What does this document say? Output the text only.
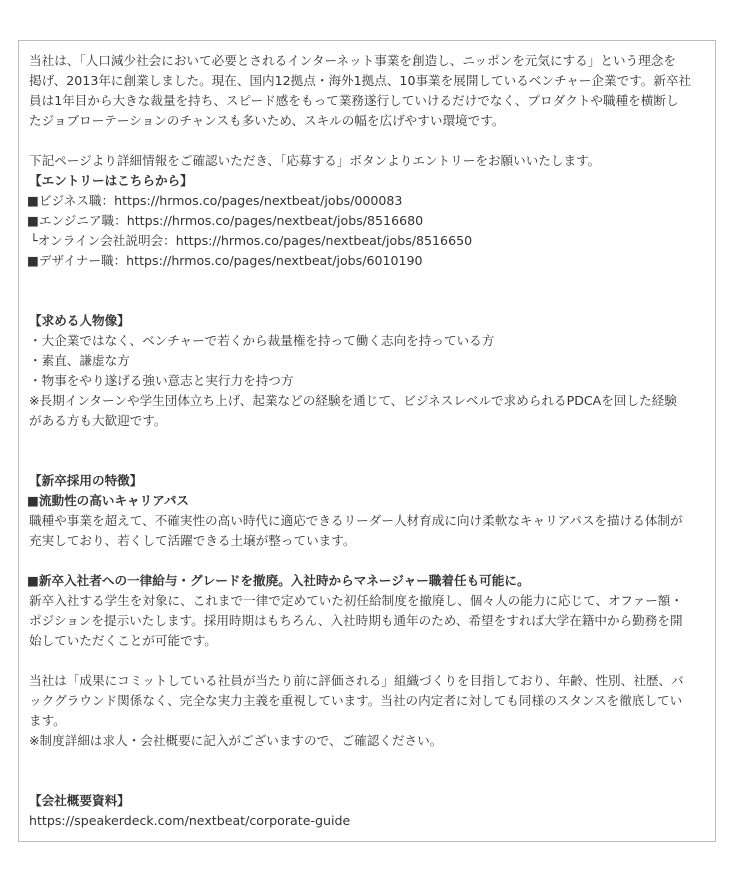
当社は、「人口減少社会において必要とされるインターネット事業を創造し、ニッポンを元気にする」という理念を
掲げ、2013年に創業しました。現在、国内12拠点・海外1拠点、10事業を展開しているベンチャー企業です。新卒社
員は1年目から大きな裁量を持ち、スピード感をもって業務遂行していけるだけでなく、プロダクトや職種を横断し
たジョブローテーションのチャンスも多いため、スキルの幅を広げやすい環境です。
下記ページより詳細情報をご確認いただき、「応募する」ボタンよりエントリーをお願いいたします。
【エントリーはこちらから】
■ビジネス職：https://hrmos.co/pages/nextbeat/jobs/000083
■エンジニア職：https://hrmos.co/pages/nextbeat/jobs/8516680
└オンライン会社説明会：https://hrmos.co/pages/nextbeat/jobs/8516650
■デザイナー職：https://hrmos.co/pages/nextbeat/jobs/6010190
【求める人物像】
・大企業ではなく、ベンチャーで若くから裁量権を持って働く志向を持っている方
・素直、謙虚な方
・物事をやり遂げる強い意志と実行力を持つ方
※長期インターンや学生団体立ち上げ、起業などの経験を通じて、ビジネスレベルで求められるPDCAを回した経験
がある方も大歓迎です。
【新卒採用の特徴】
■流動性の高いキャリアパス
職種や事業を超えて、不確実性の高い時代に適応できるリーダー人材育成に向け柔軟なキャリアパスを描ける体制が
充実しており、若くして活躍できる土壌が整っています。
■新卒入社者への一律給与・グレードを撤廃。入社時からマネージャー職着任も可能に。
新卒入社する学生を対象に、これまで一律で定めていた初任給制度を撤廃し、個々人の能力に応じて、オファー額・
ポジションを提示いたします。採用時期はもちろん、入社時期も通年のため、希望をすれば大学在籍中から勤務を開
始していただくことが可能です。
当社は「成果にコミットしている社員が当たり前に評価される」組織づくりを目指しており、年齢、性別、社歴、バ
ックグラウンド関係なく、完全な実力主義を重視しています。当社の内定者に対しても同様のスタンスを徹底してい
ます。
※制度詳細は求人・会社概要に記入がございますので、ご確認ください。
【会社概要資料】
https://speakerdeck.com/nextbeat/corporate-guide
